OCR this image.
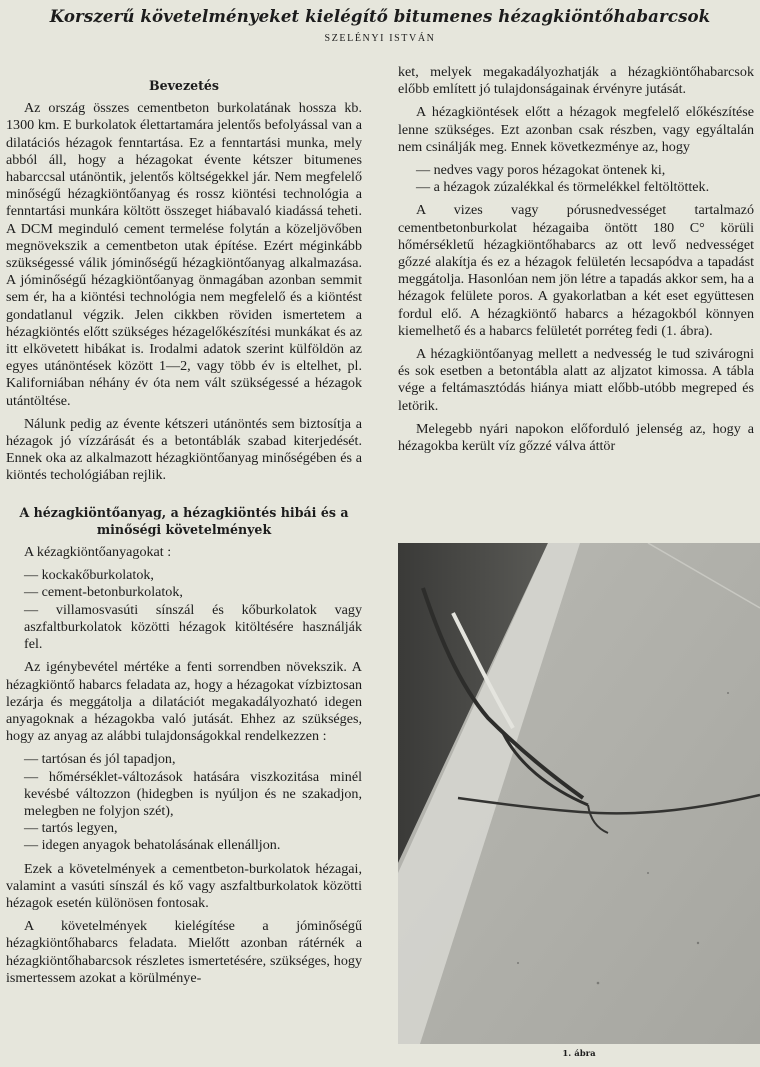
Korszerű követelményeket kielégítő bitumenes hézagkiöntőhabarcsok
SZELÉNYI ISTVÁN
Bevezetés

Az ország összes cementbeton burkolatának hossza kb. 1300 km. E burkolatok élettartamára jelentős befolyással van a dilatációs hézagok fenntartása. Ez a fenntartási munka, mely abból áll, hogy a hézagokat évente kétszer bitumenes habarccsal utánöntik, jelentős költségekkel jár. Nem megfelelő minőségű hézagkiöntőanyag és rossz kiöntési technológia a fenntartási munkára költött összeget hiábavaló kiadássá teheti. A DCM meginduló cement termelése folytán a közeljövőben megnövekszik a cementbeton utak építése. Ezért méginkább szükségessé válik jóminőségű hézagkiöntőanyag alkalmazása. A jóminőségű hézagkiöntőanyag önmagában azonban semmit sem ér, ha a kiöntési technológia nem megfelelő és a kiöntést gondatlanul végzik. Jelen cikkben röviden ismertetem a hézagkiöntés előtt szükséges hézagelőkészítési munkákat és az itt elkövetett hibákat is. Irodalmi adatok szerint külföldön az egyes utánöntések között 1—2, vagy több év is eltelhet, pl. Kaliforniában néhány év óta nem vált szükségessé a hézagok utántöltése.

Nálunk pedig az évente kétszeri utánöntés sem biztosítja a hézagok jó vízzárását és a betontáblák szabad kiterjedését. Ennek oka az alkalmazott hézagkiöntőanyag minőségében és a kiöntés techológiában rejlik.

A hézagkiöntőanyag, a hézagkiöntés hibái és a minőségi követelmények

A kézagkiöntőanyagokat :

— kockakőburkolatok,
— cement-betonburkolatok,
— villamosvasúti sínszál és kőburkolatok vagy aszfaltburkolatok közötti hézagok kitöltésére használják fel.

Az igénybevétel mértéke a fenti sorrendben növekszik. A hézagkiöntő habarcs feladata az, hogy a hézagokat vízbiztosan lezárja és meggátolja a dilatációt megakadályozható idegen anyagoknak a hézagokba való jutását. Ehhez az szükséges, hogy az anyag az alábbi tulajdonságokkal rendelkezzen :

— tartósan és jól tapadjon,
— hőmérséklet-változások hatására viszkozitása minél kevésbé változzon (hidegben is nyúljon és ne szakadjon, melegben ne folyjon szét),
— tartós legyen,
— idegen anyagok behatolásának ellenálljon.

Ezek a követelmények a cementbeton-burkolatok hézagai, valamint a vasúti sínszál és kő vagy aszfaltburkolatok közötti hézagok esetén különösen fontosak.

A követelmények kielégítése a jóminőségű hézagkiöntőhabarcs feladata. Mielőtt azonban rátérnék a hézagkiöntőhabarcsok részletes ismertetésére, szükséges, hogy ismertessem azokat a körülménye-

ket, melyek megakadályozhatják a hézagkiöntőhabarcsok előbb említett jó tulajdonságainak érvényre jutását.

A hézagkiöntések előtt a hézagok megfelelő előkészítése lenne szükséges. Ezt azonban csak részben, vagy egyáltalán nem csinálják meg. Ennek következménye az, hogy

— nedves vagy poros hézagokat öntenek ki,
— a hézagok zúzalékkal és törmelékkel feltöltöttek.

A vizes vagy pórusnedvességet tartalmazó cementbetonburkolat hézagaiba öntött 180 C° körüli hőmérsékletű hézagkiöntőhabarcs az ott levő nedvességet gőzzé alakítja és ez a hézagok felületén lecsapódva a tapadást meggátolja. Hasonlóan nem jön létre a tapadás akkor sem, ha a hézagok felülete poros. A gyakorlatban a két eset együttesen fordul elő. A hézagkiöntő habarcs a hézagokból könnyen kiemelhető és a habarcs felületét porréteg fedi (1. ábra).

A hézagkiöntőanyag mellett a nedvesség le tud szivárogni és sok esetben a betontábla alatt az aljzatot kimossa. A tábla vége a feltámasztódás hiánya miatt előbb-utóbb megreped és letörik.

Melegebb nyári napokon előforduló jelenség az, hogy a hézagokba került víz gőzzé válva áttör

1. ábra
